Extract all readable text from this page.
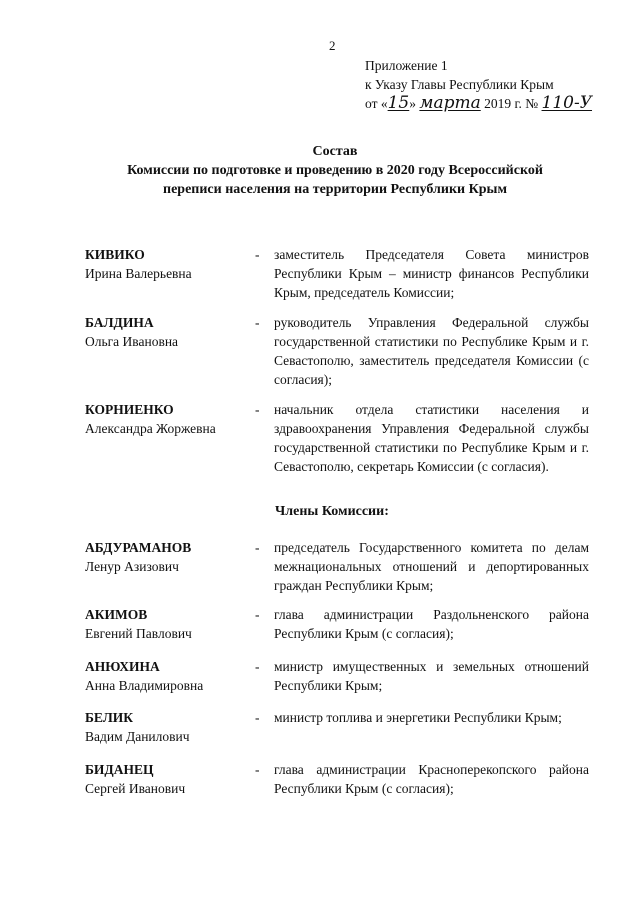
2
Приложение 1
к Указу Главы Республики Крым
от «15» марта 2019 г. № 110-У
Состав
Комиссии по подготовке и проведению в 2020 году Всероссийской
переписи населения на территории Республики Крым
КИВИКО
Ирина Валерьевна
- заместитель Председателя Совета министров Республики Крым – министр финансов Республики Крым, председатель Комиссии;
БАЛДИНА
Ольга Ивановна
- руководитель Управления Федеральной службы государственной статистики по Республике Крым и г. Севастополю, заместитель председателя Комиссии (с согласия);
КОРНИЕНКО
Александра Жоржевна
- начальник отдела статистики населения и здравоохранения Управления Федеральной службы государственной статистики по Республике Крым и г. Севастополю, секретарь Комиссии (с согласия).
Члены Комиссии:
АБДУРАМАНОВ
Ленур Азизович
- председатель Государственного комитета по делам межнациональных отношений и депортированных граждан Республики Крым;
АКИМОВ
Евгений Павлович
- глава администрации Раздольненского района Республики Крым (с согласия);
АНЮХИНА
Анна Владимировна
- министр имущественных и земельных отношений Республики Крым;
БЕЛИК
Вадим Данилович
- министр топлива и энергетики Республики Крым;
БИДАНЕЦ
Сергей Иванович
- глава администрации Красноперекопского района Республики Крым (с согласия);
